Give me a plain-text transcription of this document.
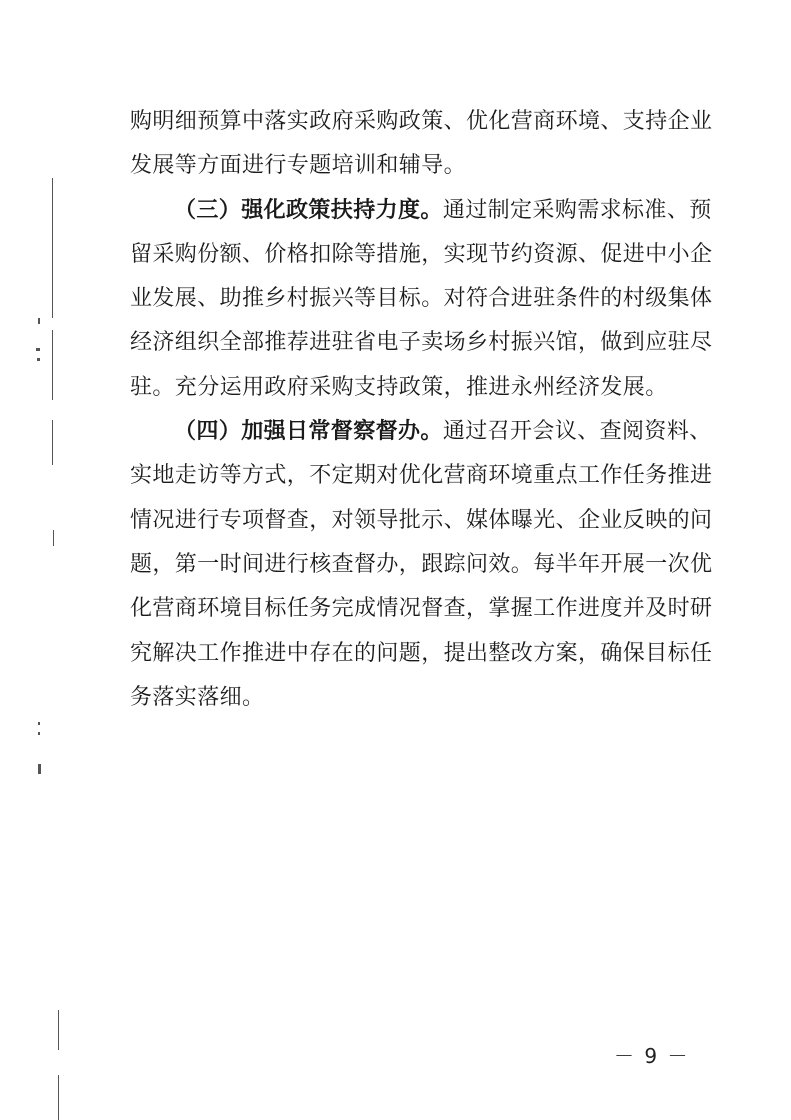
购明细预算中落实政府采购政策、优化营商环境、支持企业
发展等方面进行专题培训和辅导。
（三）强化政策扶持力度。通过制定采购需求标准、预
留采购份额、价格扣除等措施，实现节约资源、促进中小企
业发展、助推乡村振兴等目标。对符合进驻条件的村级集体
经济组织全部推荐进驻省电子卖场乡村振兴馆，做到应驻尽
驻。充分运用政府采购支持政策，推进永州经济发展。
（四）加强日常督察督办。通过召开会议、查阅资料、
实地走访等方式，不定期对优化营商环境重点工作任务推进
情况进行专项督查，对领导批示、媒体曝光、企业反映的问
题，第一时间进行核查督办，跟踪问效。每半年开展一次优
化营商环境目标任务完成情况督查，掌握工作进度并及时研
究解决工作推进中存在的问题，提出整改方案，确保目标任
务落实落细。
－ 9 －
